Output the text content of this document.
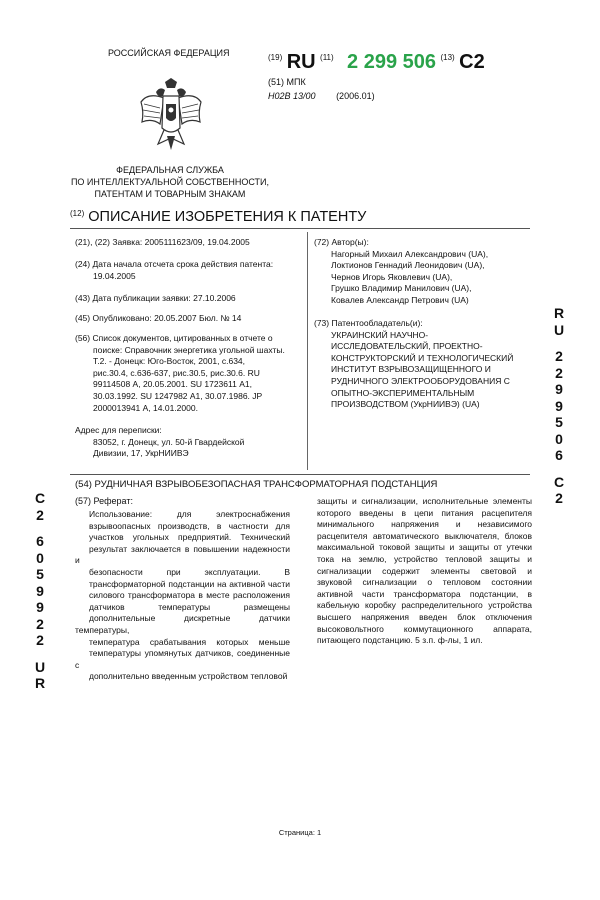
РОССИЙСКАЯ ФЕДЕРАЦИЯ
ФЕДЕРАЛЬНАЯ СЛУЖБА
ПО ИНТЕЛЛЕКТУАЛЬНОЙ СОБСТВЕННОСТИ,
ПАТЕНТАМ И ТОВАРНЫМ ЗНАКАМ
$^{(19)}$ RU $^{(11)}$ 2 299 506 $^{(13)}$ C2
(51) МПК
H02B 13/00 (2006.01)
$^{(12)}$ ОПИСАНИЕ ИЗОБРЕТЕНИЯ К ПАТЕНТУ
(21), (22) Заявка: 2005111623/09, 19.04.2005
(24) Дата начала отсчета срока действия патента:
19.04.2005
(43) Дата публикации заявки: 27.10.2006
(45) Опубликовано: 20.05.2007 Бюл. № 14
(56) Список документов, цитированных в отчете о
поиске: Справочник энергетика угольной шахты.
Т.2. - Донецк: Юго-Восток, 2001, с.634,
рис.30.4, с.636-637, рис.30.5, рис.30.6. RU
99114508 А, 20.05.2001. SU 1723611 А1,
30.03.1992. SU 1247982 А1, 30.07.1986. JP
2000013941 А, 14.01.2000.
Адрес для переписки:
83052, г. Донецк, ул. 50-й Гвардейской
Дивизии, 17, УкрНИИВЭ
(72) Автор(ы):
Нагорный Михаил Александрович (UA),
Локтионов Геннадий Леонидович (UA),
Чернов Игорь Яковлевич (UA),
Грушко Владимир Манилович (UA),
Ковалев Александр Петрович (UA)
(73) Патентообладатель(и):
УКРАИНСКИЙ НАУЧНО-
ИССЛЕДОВАТЕЛЬСКИЙ, ПРОЕКТНО-
КОНСТРУКТОРСКИЙ И ТЕХНОЛОГИЧЕСКИЙ
ИНСТИТУТ ВЗРЫВОЗАЩИЩЕННОГО И
РУДНИЧНОГО ЭЛЕКТРООБОРУДОВАНИЯ С
ОПЫТНО-ЭКСПЕРИМЕНТАЛЬНЫМ
ПРОИЗВОДСТВОМ (УкрНИИВЭ) (UA)
R
U
2
2
9
9
5
0
6
C
2
C
2
6
0
5
9
9
2
2
U
R
(54) РУДНИЧНАЯ ВЗРЫВОБЕЗОПАСНАЯ ТРАНСФОРМАТОРНАЯ ПОДСТАНЦИЯ
(57) Реферат:
Использование: для электроснабжения
взрывоопасных производств, в частности для
участков угольных предприятий. Технический
результат заключается в повышении надежности и
безопасности при эксплуатации. В
трансформаторной подстанции на активной части
силового трансформатора в месте расположения
датчиков температуры размещены
дополнительные дискретные датчики температуры,
температура срабатывания которых меньше
температуры упомянутых датчиков, соединенные с
дополнительно введенным устройством тепловой
защиты и сигнализации, исполнительные элементы
которого введены в цепи питания расцепителя
минимального напряжения и независимого
расцепителя автоматического выключателя, блоков
максимальной токовой защиты и защиты от утечки
тока на землю, устройство тепловой защиты и
сигнализации содержит элементы световой и
звуковой сигнализации о тепловом состоянии
активной части трансформатора подстанции, в
кабельную коробку распределительного устройства
высшего напряжения введен блок отключения
высоковольтного коммутационного аппарата,
питающего подстанцию. 5 з.п. ф-лы, 1 ил.
Страница: 1
